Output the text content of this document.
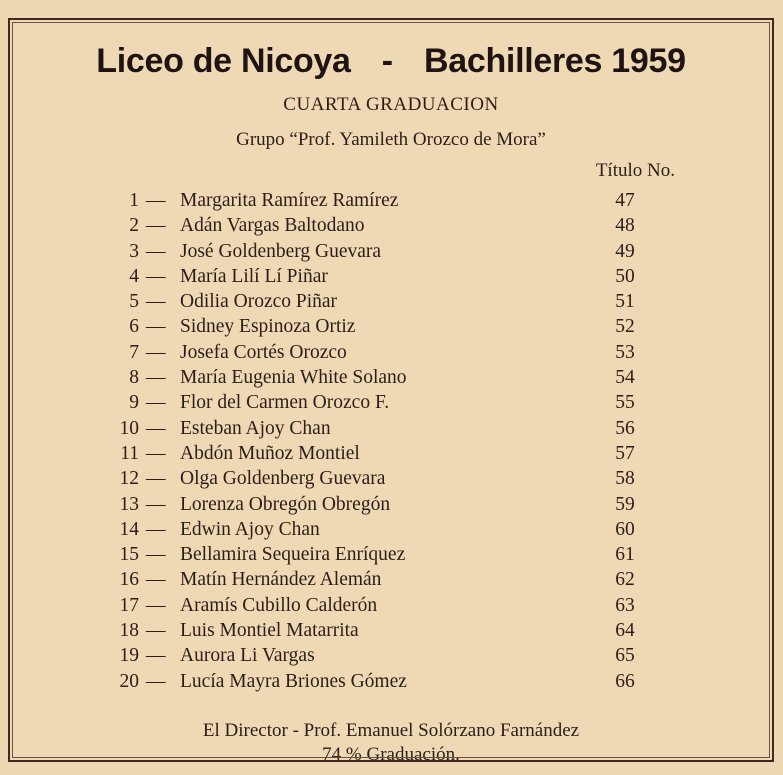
Liceo de Nicoya - Bachilleres 1959
CUARTA GRADUACION
Grupo “Prof. Yamileth Orozco de Mora”
Título No.
1 — Margarita Ramírez Ramírez	47
2 — Adán Vargas Baltodano	48
3 — José Goldenberg Guevara	49
4 — María Lilí Lí Piñar	50
5 — Odilia Orozco Piñar	51
6 — Sidney Espinoza Ortiz	52
7 — Josefa Cortés Orozco	53
8 — María Eugenia White Solano	54
9 — Flor del Carmen Orozco F.	55
10 — Esteban Ajoy Chan	56
11 — Abdón Muñoz Montiel	57
12 — Olga Goldenberg Guevara	58
13 — Lorenza Obregón Obregón	59
14 — Edwin Ajoy Chan	60
15 — Bellamira Sequeira Enríquez	61
16 — Matín Hernández Alemán	62
17 — Aramís Cubillo Calderón	63
18 — Luis Montiel Matarrita	64
19 — Aurora Li Vargas	65
20 — Lucía Mayra Briones Gómez	66
El Director - Prof. Emanuel Solórzano Farnández
74 % Graduación.
